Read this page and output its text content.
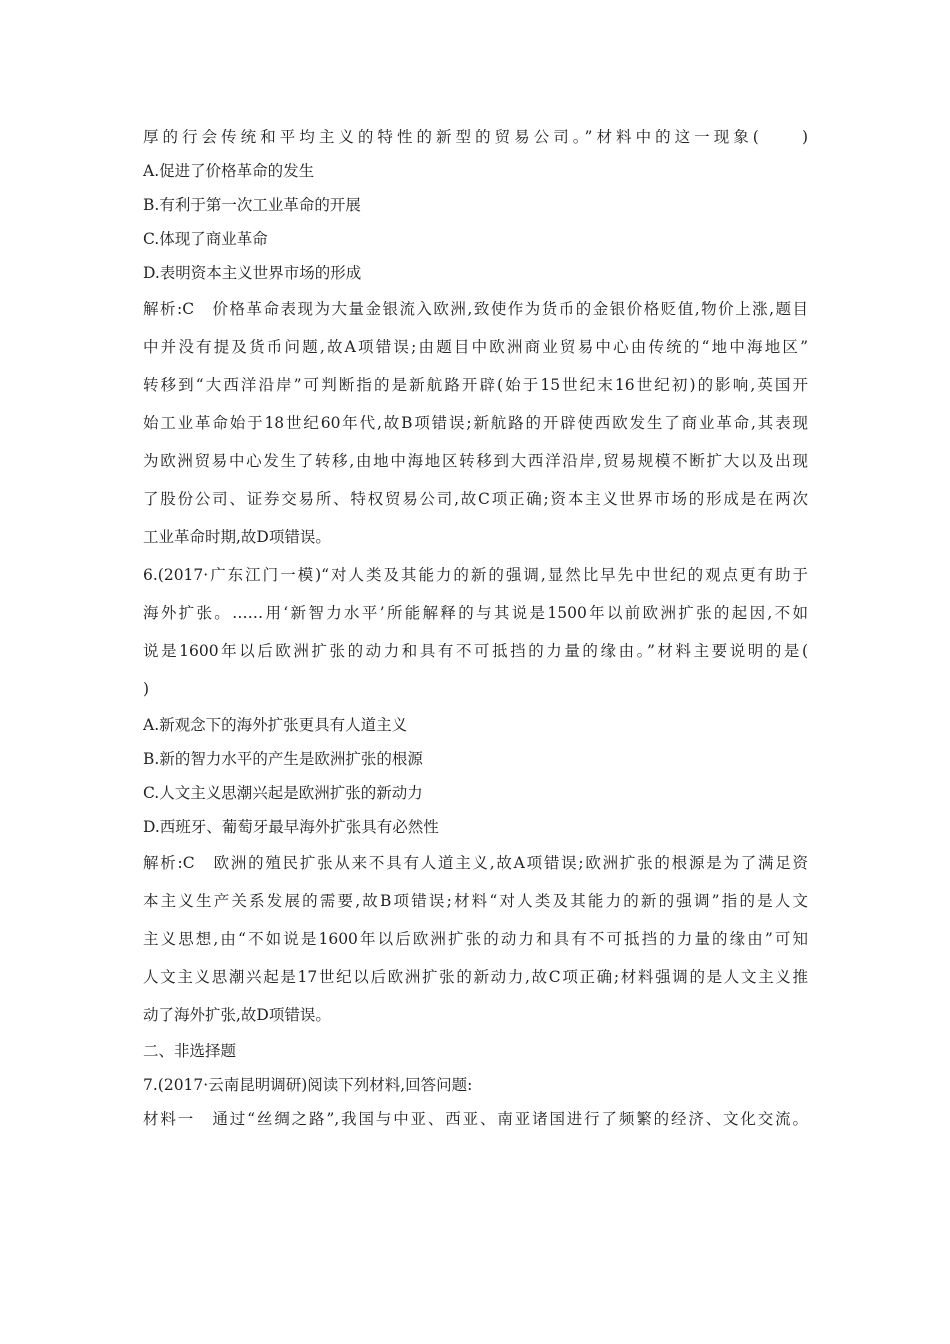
厚的行会传统和平均主义的特性的新型的贸易公司。”材料中的这一现象(　　)
A.促进了价格革命的发生
B.有利于第一次工业革命的开展
C.体现了商业革命
D.表明资本主义世界市场的形成
解析:C　价格革命表现为大量金银流入欧洲,致使作为货币的金银价格贬值,物价上涨,题目
中并没有提及货币问题,故A项错误;由题目中欧洲商业贸易中心由传统的“地中海地区”
转移到“大西洋沿岸”可判断指的是新航路开辟(始于15世纪末16世纪初)的影响,英国开
始工业革命始于18世纪60年代,故B项错误;新航路的开辟使西欧发生了商业革命,其表现
为欧洲贸易中心发生了转移,由地中海地区转移到大西洋沿岸,贸易规模不断扩大以及出现
了股份公司、证券交易所、特权贸易公司,故C项正确;资本主义世界市场的形成是在两次
工业革命时期,故D项错误。
6.(2017·广东江门一模)“对人类及其能力的新的强调,显然比早先中世纪的观点更有助于
海外扩张。……用‘新智力水平’所能解释的与其说是1500年以前欧洲扩张的起因,不如
说是1600年以后欧洲扩张的动力和具有不可抵挡的力量的缘由。”材料主要说明的是(
)
A.新观念下的海外扩张更具有人道主义
B.新的智力水平的产生是欧洲扩张的根源
C.人文主义思潮兴起是欧洲扩张的新动力
D.西班牙、葡萄牙最早海外扩张具有必然性
解析:C　欧洲的殖民扩张从来不具有人道主义,故A项错误;欧洲扩张的根源是为了满足资
本主义生产关系发展的需要,故B项错误;材料“对人类及其能力的新的强调”指的是人文
主义思想,由“不如说是1600年以后欧洲扩张的动力和具有不可抵挡的力量的缘由”可知
人文主义思潮兴起是17世纪以后欧洲扩张的新动力,故C项正确;材料强调的是人文主义推
动了海外扩张,故D项错误。
二、非选择题
7.(2017·云南昆明调研)阅读下列材料,回答问题:
材料一　通过“丝绸之路”,我国与中亚、西亚、南亚诸国进行了频繁的经济、文化交流。
